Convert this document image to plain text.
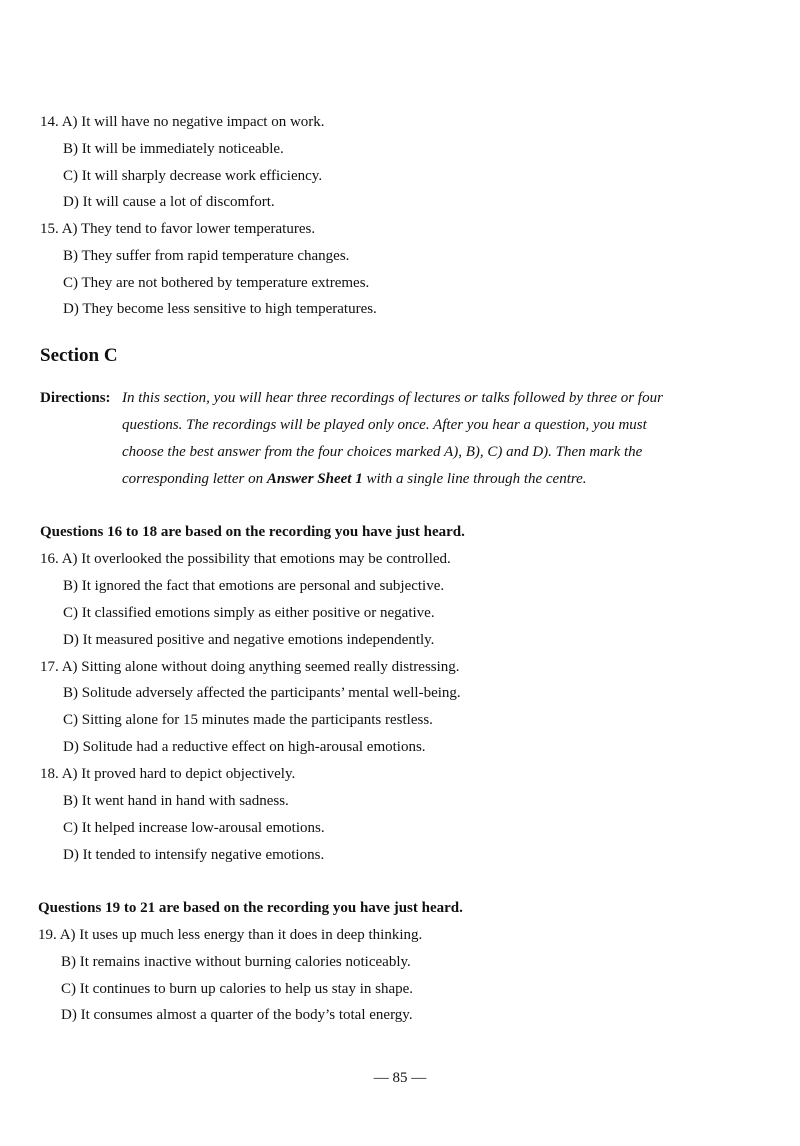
14. A) It will have no negative impact on work.
B) It will be immediately noticeable.
C) It will sharply decrease work efficiency.
D) It will cause a lot of discomfort.
15. A) They tend to favor lower temperatures.
B) They suffer from rapid temperature changes.
C) They are not bothered by temperature extremes.
D) They become less sensitive to high temperatures.
Section C
Directions: In this section, you will hear three recordings of lectures or talks followed by three or four
questions. The recordings will be played only once. After you hear a question, you must
choose the best answer from the four choices marked A), B), C) and D). Then mark the
corresponding letter on Answer Sheet 1 with a single line through the centre.
Questions 16 to 18 are based on the recording you have just heard.
16. A) It overlooked the possibility that emotions may be controlled.
B) It ignored the fact that emotions are personal and subjective.
C) It classified emotions simply as either positive or negative.
D) It measured positive and negative emotions independently.
17. A) Sitting alone without doing anything seemed really distressing.
B) Solitude adversely affected the participants’ mental well-being.
C) Sitting alone for 15 minutes made the participants restless.
D) Solitude had a reductive effect on high-arousal emotions.
18. A) It proved hard to depict objectively.
B) It went hand in hand with sadness.
C) It helped increase low-arousal emotions.
D) It tended to intensify negative emotions.
Questions 19 to 21 are based on the recording you have just heard.
19. A) It uses up much less energy than it does in deep thinking.
B) It remains inactive without burning calories noticeably.
C) It continues to burn up calories to help us stay in shape.
D) It consumes almost a quarter of the body’s total energy.
— 85 —
